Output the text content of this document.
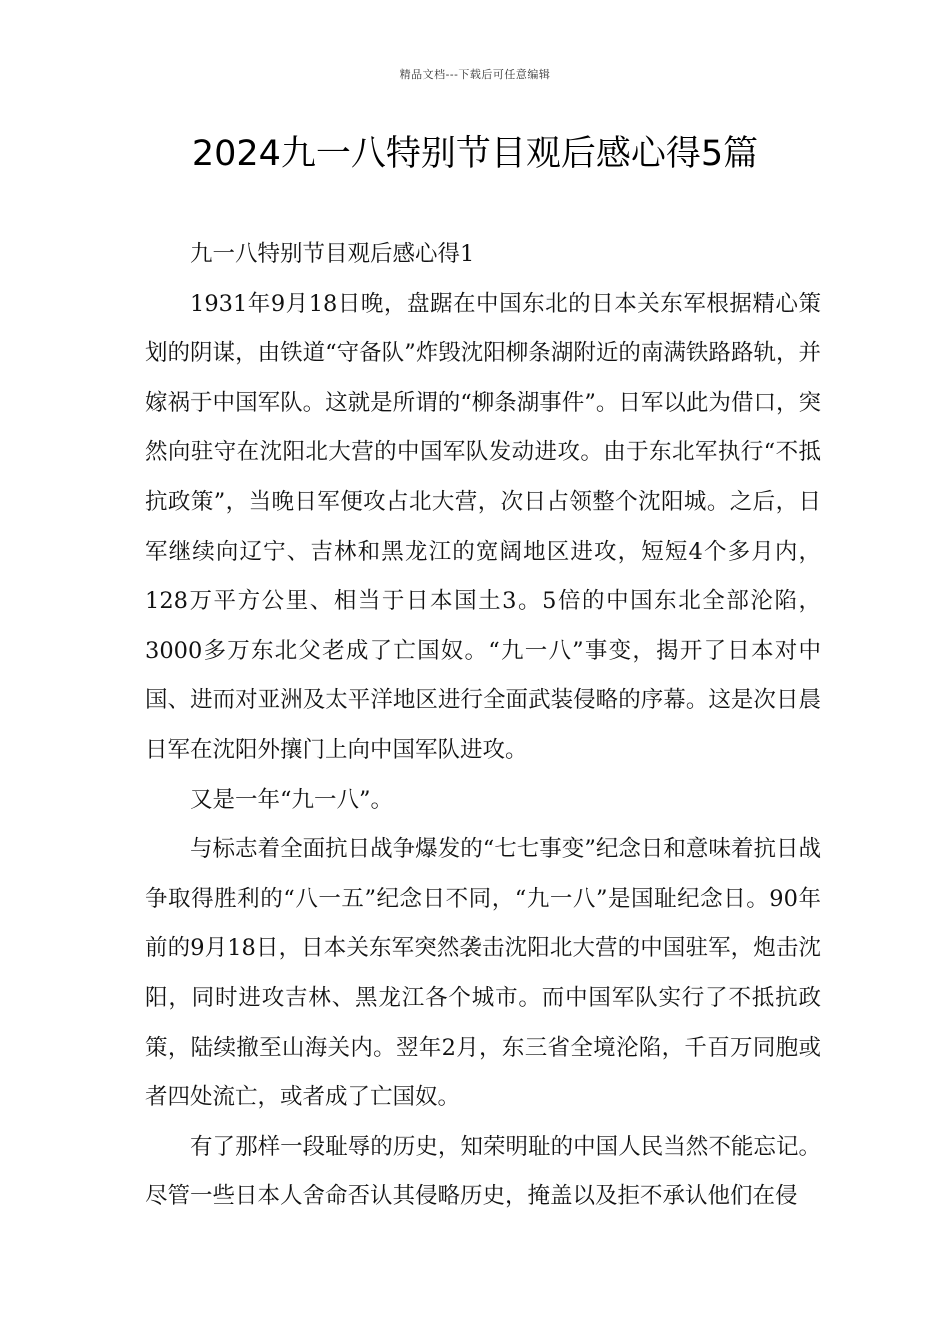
精品文档---下载后可任意编辑
2024九一八特别节目观后感心得5篇

九一八特别节目观后感心得1

1931年9月18日晚，盘踞在中国东北的日本关东军根据精心策划的阴谋，由铁道“守备队”炸毁沈阳柳条湖附近的南满铁路路轨，并嫁祸于中国军队。这就是所谓的“柳条湖事件”。日军以此为借口，突然向驻守在沈阳北大营的中国军队发动进攻。由于东北军执行“不抵抗政策”，当晚日军便攻占北大营，次日占领整个沈阳城。之后，日军继续向辽宁、吉林和黑龙江的宽阔地区进攻，短短4个多月内，128万平方公里、相当于日本国土3。5倍的中国东北全部沦陷，3000多万东北父老成了亡国奴。“九一八”事变，揭开了日本对中国、进而对亚洲及太平洋地区进行全面武装侵略的序幕。这是次日晨日军在沈阳外攘门上向中国军队进攻。

又是一年“九一八”。

与标志着全面抗日战争爆发的“七七事变”纪念日和意味着抗日战争取得胜利的“八一五”纪念日不同，“九一八”是国耻纪念日。90年前的9月18日，日本关东军突然袭击沈阳北大营的中国驻军，炮击沈阳，同时进攻吉林、黑龙江各个城市。而中国军队实行了不抵抗政策，陆续撤至山海关内。翌年2月，东三省全境沦陷，千百万同胞或者四处流亡，或者成了亡国奴。

有了那样一段耻辱的历史，知荣明耻的中国人民当然不能忘记。尽管一些日本人舍命否认其侵略历史，掩盖以及拒不承认他们在侵
